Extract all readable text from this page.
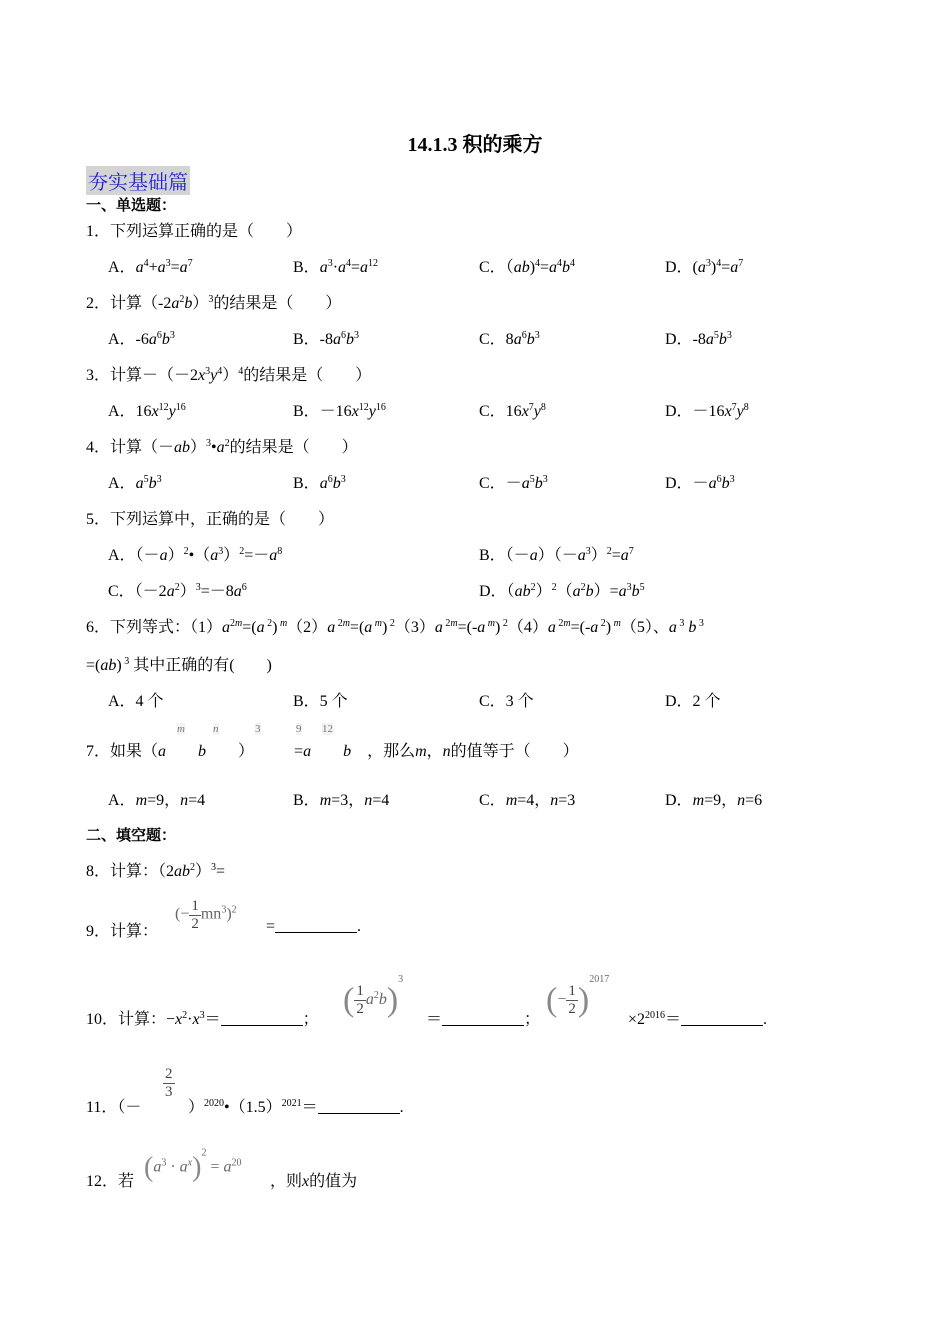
14.1.3 积的乘方
夯实基础篇
一、单选题：
1．下列运算正确的是（　　）
A．$a^4+a^3=a^7$	B．$a^3\cdot a^4=a^{12}$	C．$(ab)^4=a^4b^4$	D．$(a^3)^4=a^7$
2．计算$(-2a^2b)^3$的结果是（　　）
A．$-6a^6b^3$	B．$-8a^6b^3$	C．$8a^6b^3$	D．$-8a^5b^3$
3．计算$-(-2x^3y^4)^4$的结果是（　　）
A．$16x^{12}y^{16}$	B．$-16x^{12}y^{16}$	C．$16x^7y^8$	D．$-16x^7y^8$
4．计算$(-ab)^3•a^2$的结果是（　　）
A．$a^5b^3$	B．$a^6b^3$	C．$-a^5b^3$	D．$-a^6b^3$
5．下列运算中，正确的是（　　）
A．$(-a)^2•(a^3)^2=-a^8$	B．$(-a)(-a^3)^2=a^7$
C．$(-2a^2)^3=-8a^6$	D．$(ab^2)^2(a^2b)=a^3b^5$
6．下列等式：$(1)a^{2m}=(a$ $^2$) $^m$（2）a $^{2m}$=(a $^m$) $^2$（3）a $^{2m}$=(-a $^m$) $^2$（4）a $^{2m}$=(-a $^2$) $^m$（5）、a $^3$ b $^3$
=(ab) $^3$ 其中正确的有(　　)
A．4 个	B．5 个	C．3 个	D．2 个
m	n	3	9 12
7．如果（a　　 b　　）　　　=a　　 b　，那么m，n的值等于（　　）
A．m=9，n=4	B．m=3，n=4	C．m=4，n=3	D．m=9，n=6
二、填空题：
8．计算：$(2ab^2)^3=$
9．计算：
(− $\frac{1}{2} mn^3)^2$
=	.
10．计算：$-x^2\cdot x^3=$	；
( $\frac{1}{2} a^2b)^3$
＝	；
(− $\frac{1}{2} )^{2017}$
$\times 2^{2016}=$	.
11．（－
$\frac{2}{3}$
）$^{2020}•(1.5)^{2021}=$	.
12．若 $(a^3 \cdot a^x)^2 = a^{20}$
，则x的值为
